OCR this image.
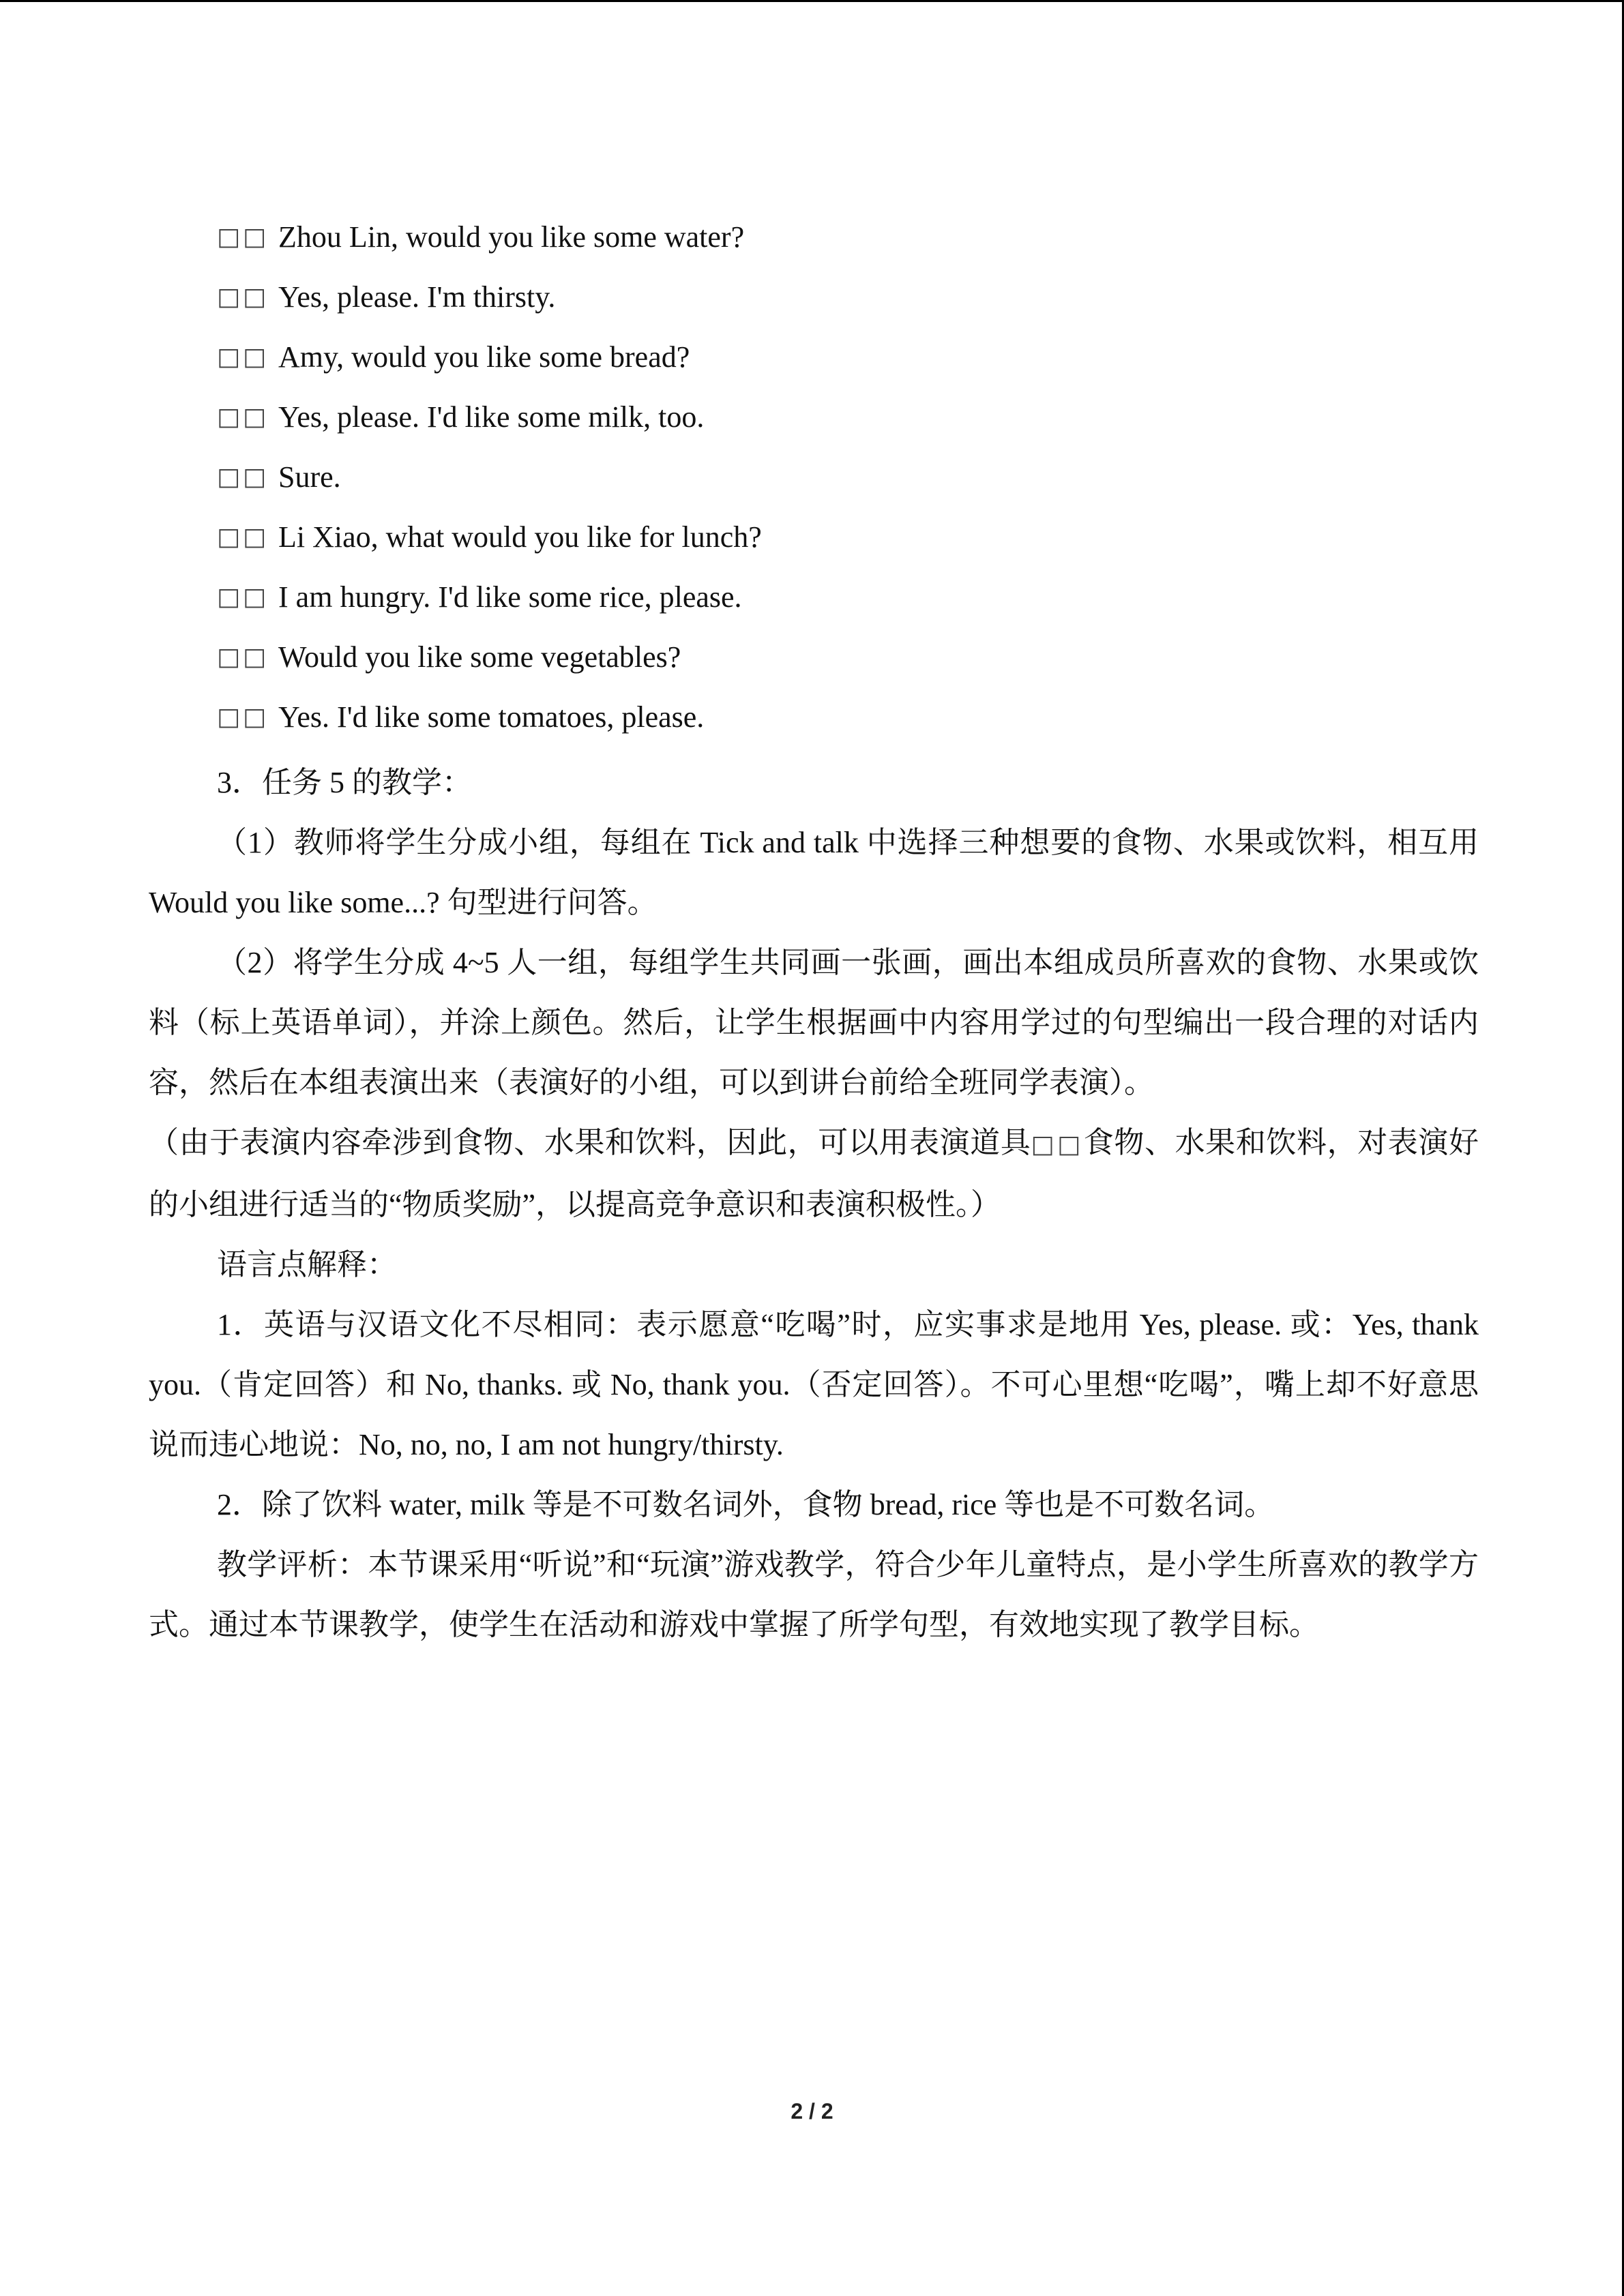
□□ Zhou Lin, would you like some water?
□□ Yes, please. I'm thirsty.
□□ Amy, would you like some bread?
□□ Yes, please. I'd like some milk, too.
□□ Sure.
□□ Li Xiao, what would you like for lunch?
□□ I am hungry. I'd like some rice, please.
□□ Would you like some vegetables?
□□ Yes. I'd like some tomatoes, please.

3．任务 5 的教学：

（1）教师将学生分成小组，每组在 Tick and talk 中选择三种想要的食物、水果或饮料，相互用 Would you like some...? 句型进行问答。

（2）将学生分成 4~5 人一组，每组学生共同画一张画，画出本组成员所喜欢的食物、水果或饮料（标上英语单词），并涂上颜色。然后，让学生根据画中内容用学过的句型编出一段合理的对话内容，然后在本组表演出来（表演好的小组，可以到讲台前给全班同学表演）。

（由于表演内容牵涉到食物、水果和饮料，因此，可以用表演道具□□食物、水果和饮料，对表演好的小组进行适当的“物质奖励”，以提高竞争意识和表演积极性。）

语言点解释：

1．英语与汉语文化不尽相同：表示愿意“吃喝”时，应实事求是地用 Yes, please. 或：Yes, thank you.（肯定回答）和 No, thanks. 或 No, thank you.（否定回答）。不可心里想“吃喝”，嘴上却不好意思说而违心地说：No, no, no, I am not hungry/thirsty.

2．除了饮料 water, milk 等是不可数名词外，食物 bread, rice 等也是不可数名词。

教学评析：本节课采用“听说”和“玩演”游戏教学，符合少年儿童特点，是小学生所喜欢的教学方式。通过本节课教学，使学生在活动和游戏中掌握了所学句型，有效地实现了教学目标。

2 / 2
